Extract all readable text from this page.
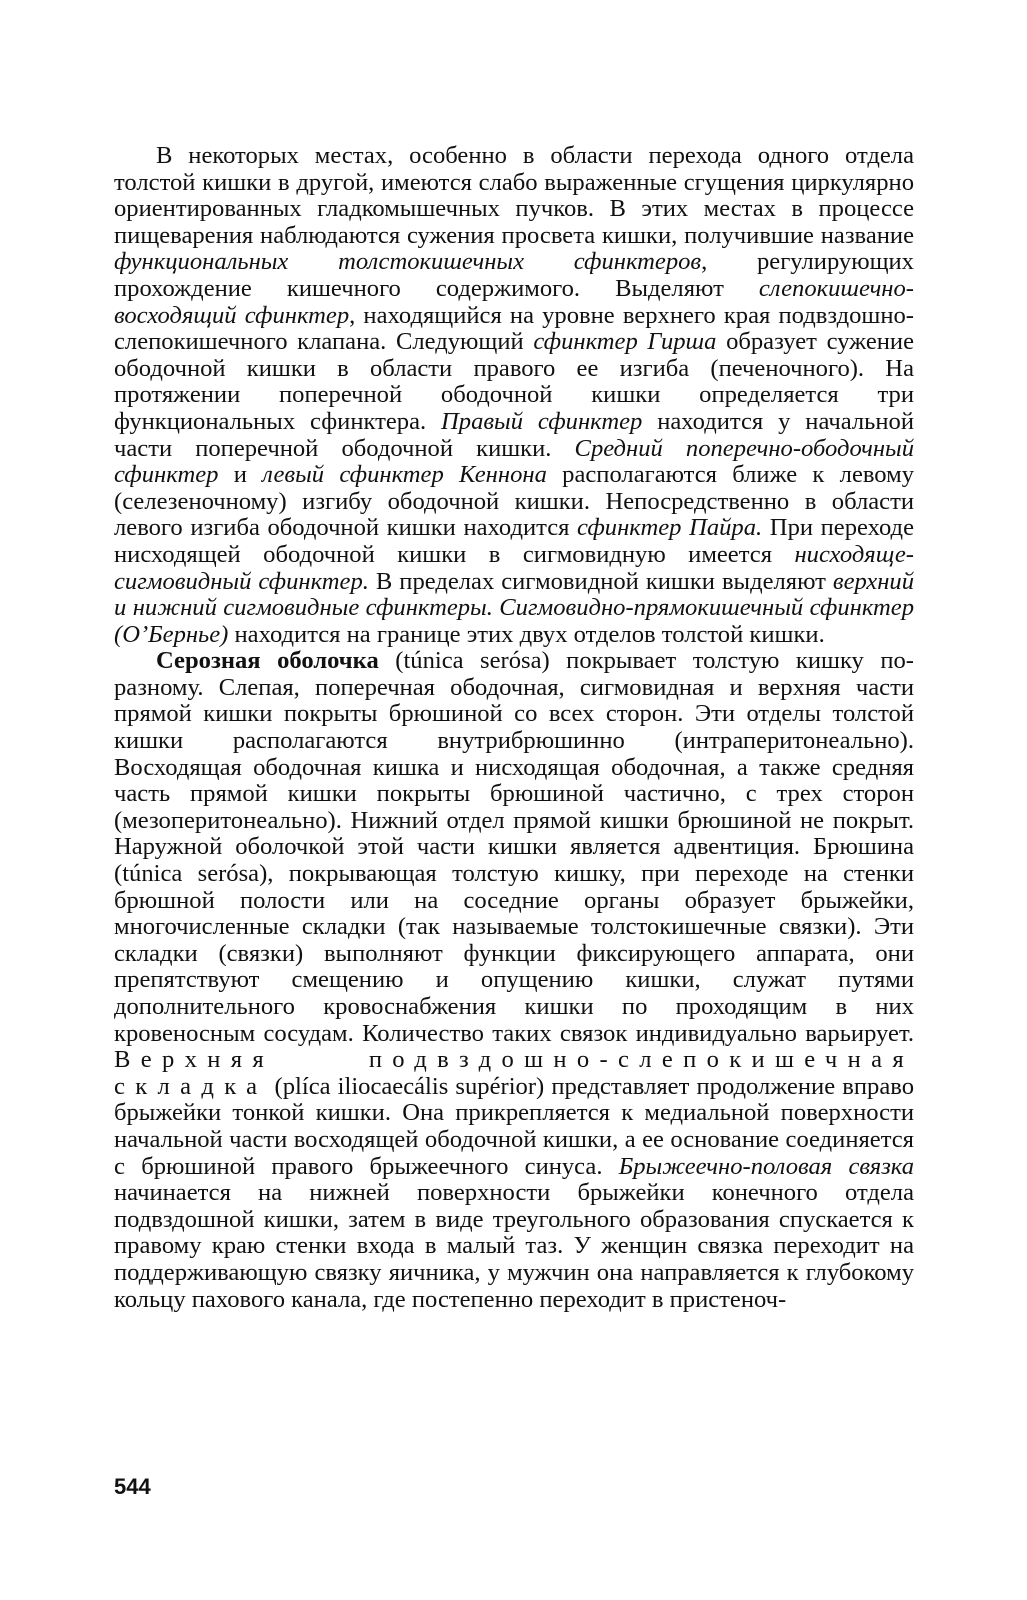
В некоторых местах, особенно в области перехода одного отдела толстой кишки в другой, имеются слабо выраженные сгущения циркулярно ориентированных гладкомышечных пучков. В этих местах в процессе пищеварения наблюдаются сужения просвета кишки, получившие название функциональных толстокишечных сфинктеров, регулирующих прохождение кишечного содержимого. Выделяют слепокишечно-восходящий сфинктер, находящийся на уровне верхнего края подвздошно-слепокишечного клапана. Следующий сфинктер Гирша образует сужение ободочной кишки в области правого ее изгиба (печеночного). На протяжении поперечной ободочной кишки определяется три функциональных сфинктера. Правый сфинктер находится у начальной части поперечной ободочной кишки. Средний поперечно-ободочный сфинктер и левый сфинктер Кеннона располагаются ближе к левому (селезеночному) изгибу ободочной кишки. Непосредственно в области левого изгиба ободочной кишки находится сфинктер Пайра. При переходе нисходящей ободочной кишки в сигмовидную имеется нисходяще-сигмовидный сфинктер. В пределах сигмовидной кишки выделяют верхний и нижний сигмовидные сфинктеры. Сигмовидно-прямокишечный сфинктер (О’Бернье) находится на границе этих двух отделов толстой кишки.

Серозная оболочка (túnica serósa) покрывает толстую кишку по-разному. Слепая, поперечная ободочная, сигмовидная и верхняя части прямой кишки покрыты брюшиной со всех сторон. Эти отделы толстой кишки располагаются внутрибрюшинно (интраперитонеально). Восходящая ободочная кишка и нисходящая ободочная, а также средняя часть прямой кишки покрыты брюшиной частично, с трех сторон (мезоперитонеально). Нижний отдел прямой кишки брюшиной не покрыт. Наружной оболочкой этой части кишки является адвентиция. Брюшина (túnica serósa), покрывающая толстую кишку, при переходе на стенки брюшной полости или на соседние органы образует брыжейки, многочисленные складки (так называемые толстокишечные связки). Эти складки (связки) выполняют функции фиксирующего аппарата, они препятствуют смещению и опущению кишки, служат путями дополнительного кровоснабжения кишки по проходящим в них кровеносным сосудам. Количество таких связок индивидуально варьирует. Верхняя подвздошно-слепокишечная складка (plíca iliocaecális supérior) представляет продолжение вправо брыжейки тонкой кишки. Она прикрепляется к медиальной поверхности начальной части восходящей ободочной кишки, а ее основание соединяется с брюшиной правого брыжеечного синуса. Брыжеечно-половая связка начинается на нижней поверхности брыжейки конечного отдела подвздошной кишки, затем в виде треугольного образования спускается к правому краю стенки входа в малый таз. У женщин связка переходит на поддерживающую связку яичника, у мужчин она направляется к глубокому кольцу пахового канала, где постепенно переходит в пристеноч-

544
